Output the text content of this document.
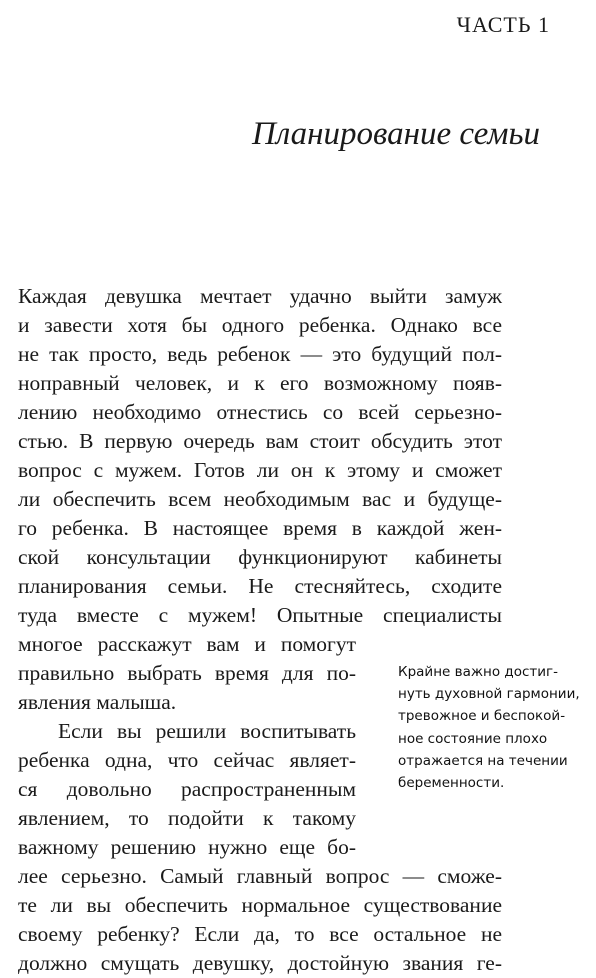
ЧАСТЬ 1
Планирование семьи
Каждая девушка мечтает удачно выйти замуж
и завести хотя бы одного ребенка. Однако все
не так просто, ведь ребенок — это будущий пол-
ноправный человек, и к его возможному появ-
лению необходимо отнестись со всей серьезно-
стью. В первую очередь вам стоит обсудить этот
вопрос с мужем. Готов ли он к этому и сможет
ли обеспечить всем необходимым вас и будуще-
го ребенка. В настоящее время в каждой жен-
ской консультации функционируют кабинеты
планирования семьи. Не стесняйтесь, сходите
туда вместе с мужем! Опытные специалисты
многое расскажут вам и помогут
правильно выбрать время для по-
явления малыша.
Если вы решили воспитывать
ребенка одна, что сейчас являет-
ся довольно распространенным
явлением, то подойти к такому
важному решению нужно еще бо-
лее серьезно. Самый главный вопрос — сможе-
те ли вы обеспечить нормальное существование
своему ребенку? Если да, то все остальное не
должно смущать девушку, достойную звания ге-
Крайне важно достиг-
нуть духовной гармонии,
тревожное и беспокой-
ное состояние плохо
отражается на течении
беременности.
